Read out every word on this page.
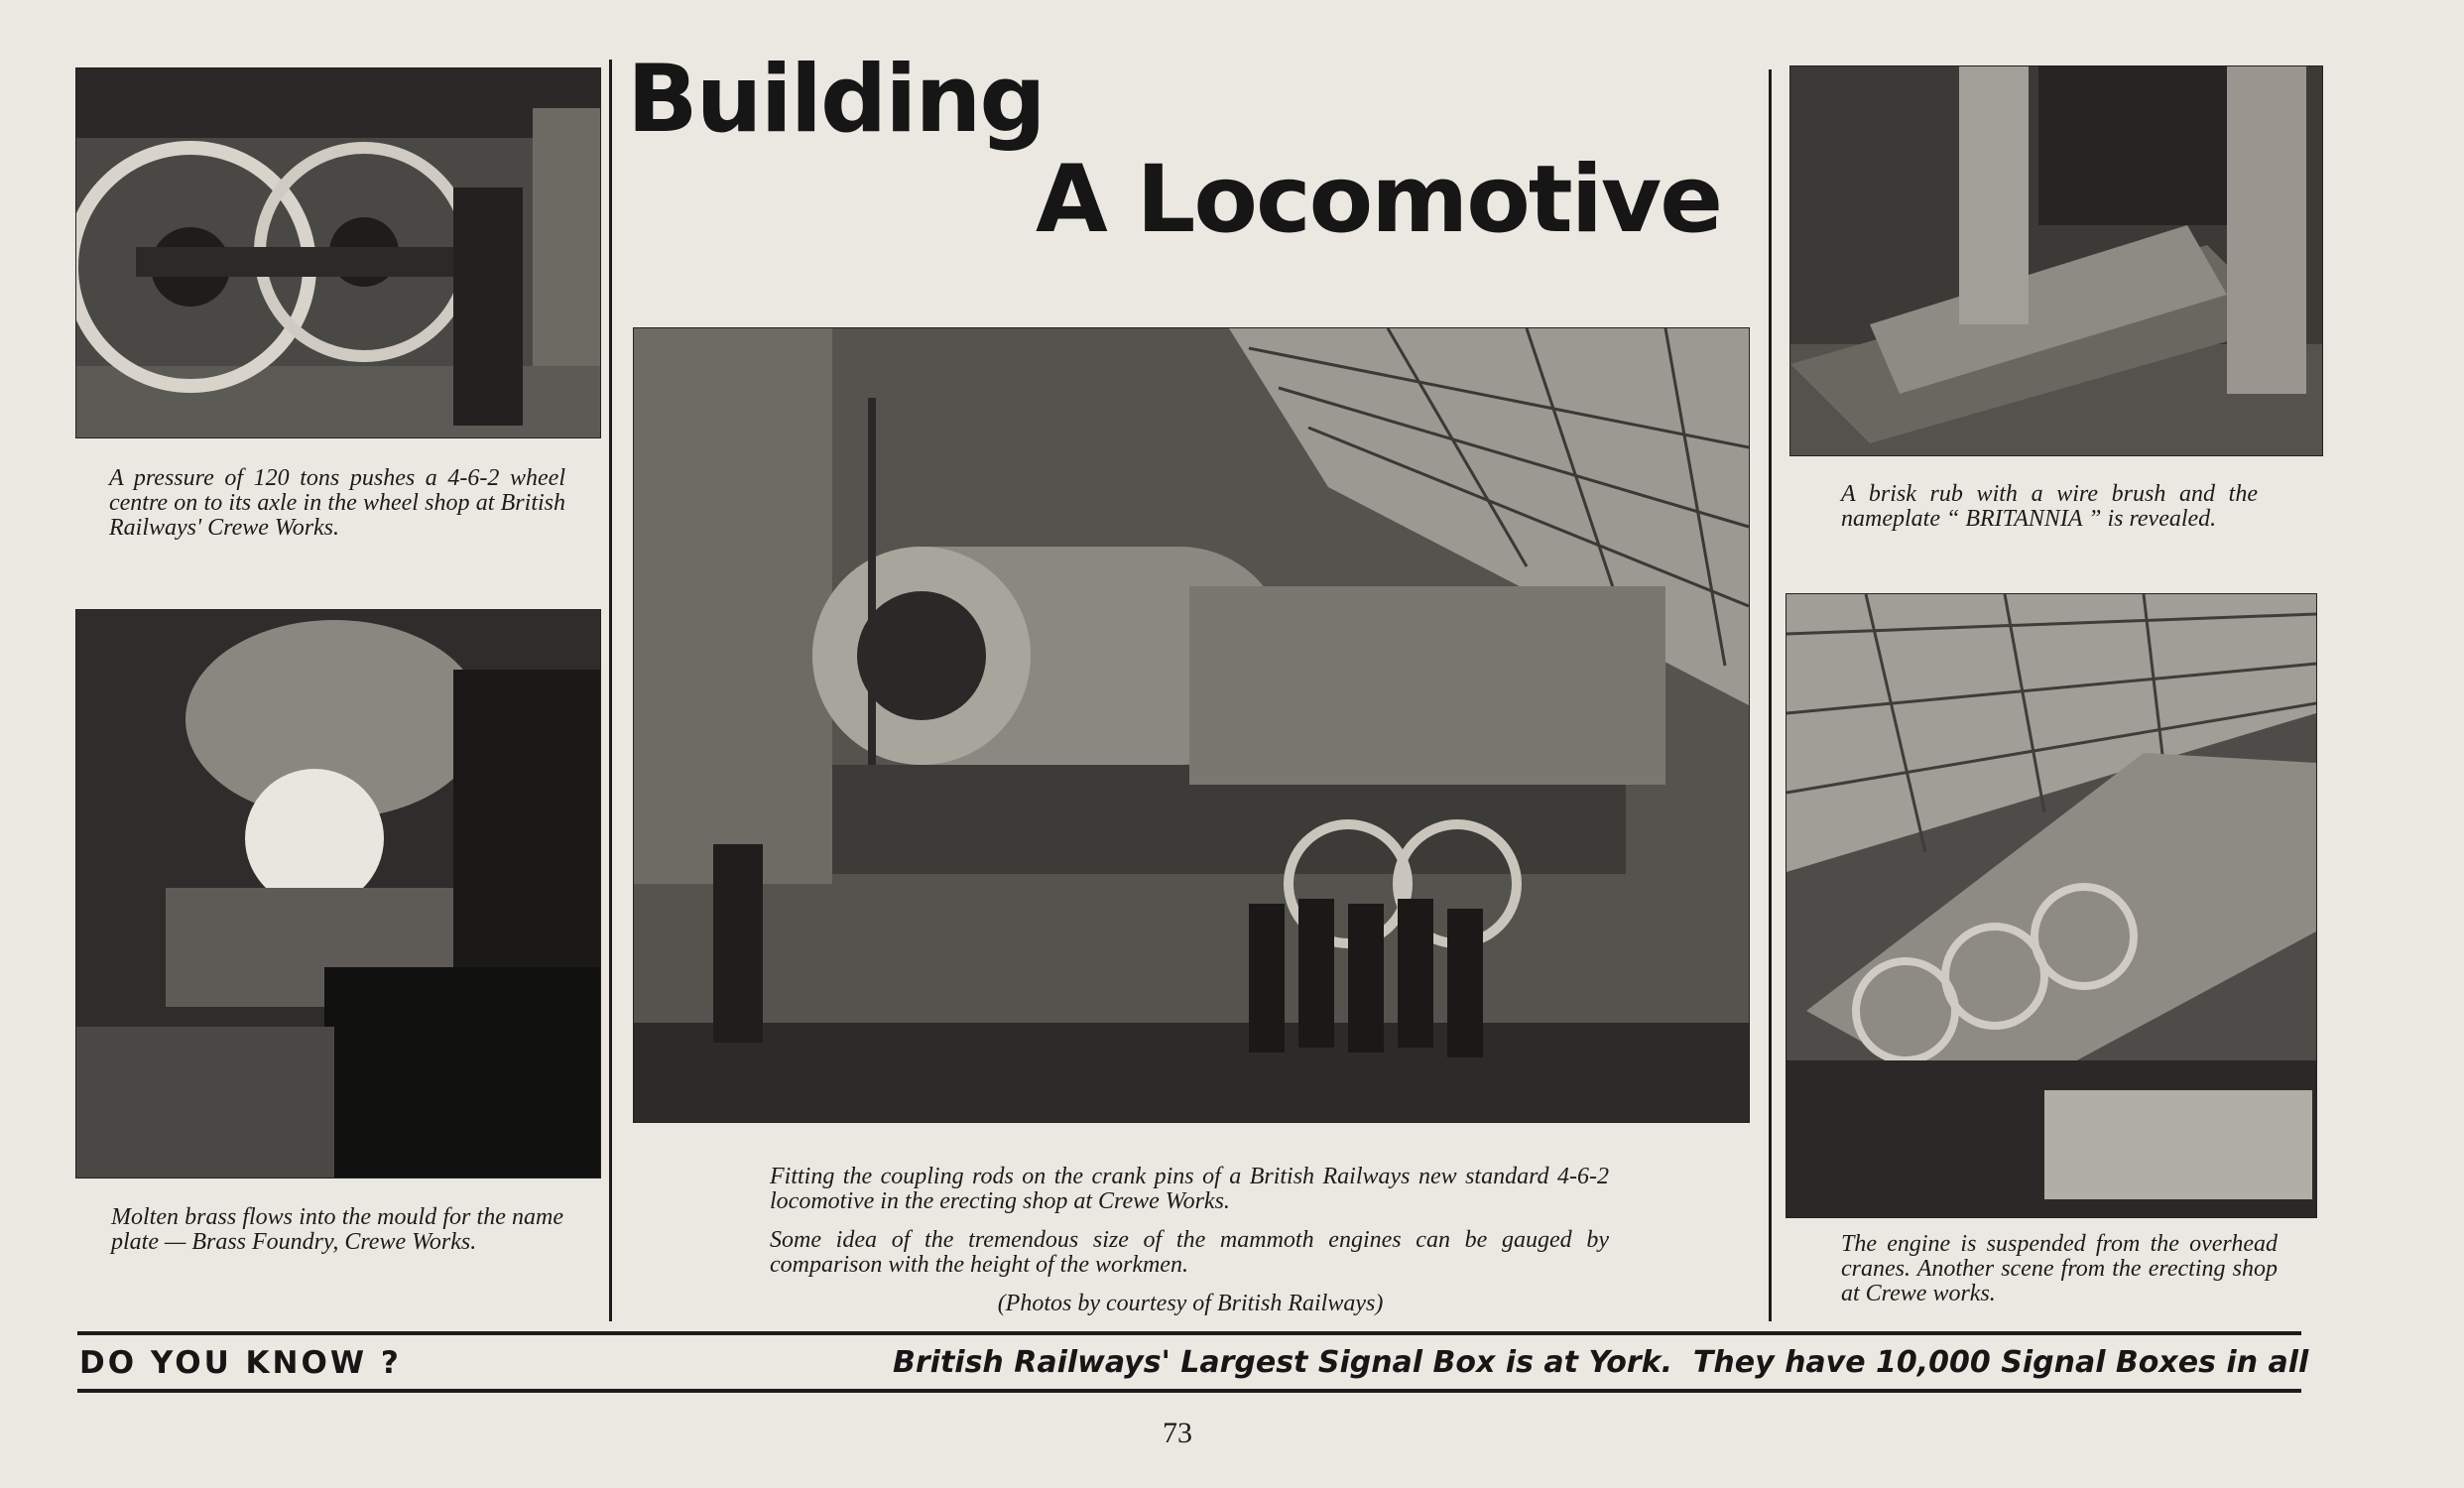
A pressure of 120 tons pushes a 4-6-2 wheel centre on to its axle in the wheel shop at British Railways' Crewe Works.
Molten brass flows into the mould for the name plate — Brass Foundry, Crewe Works.
Building
A Locomotive
Fitting the coupling rods on the crank pins of a British Railways new standard 4-6-2 locomotive in the erecting shop at Crewe Works.
Some idea of the tremendous size of the mammoth engines can be gauged by comparison with the height of the workmen.
(Photos by courtesy of British Railways)
A brisk rub with a wire brush and the nameplate “ BRITANNIA ” is revealed.
The engine is suspended from the overhead cranes. Another scene from the erecting shop at Crewe works.
DO YOU KNOW ?	British Railways' Largest Signal Box is at York.  They have 10,000 Signal Boxes in all
73
